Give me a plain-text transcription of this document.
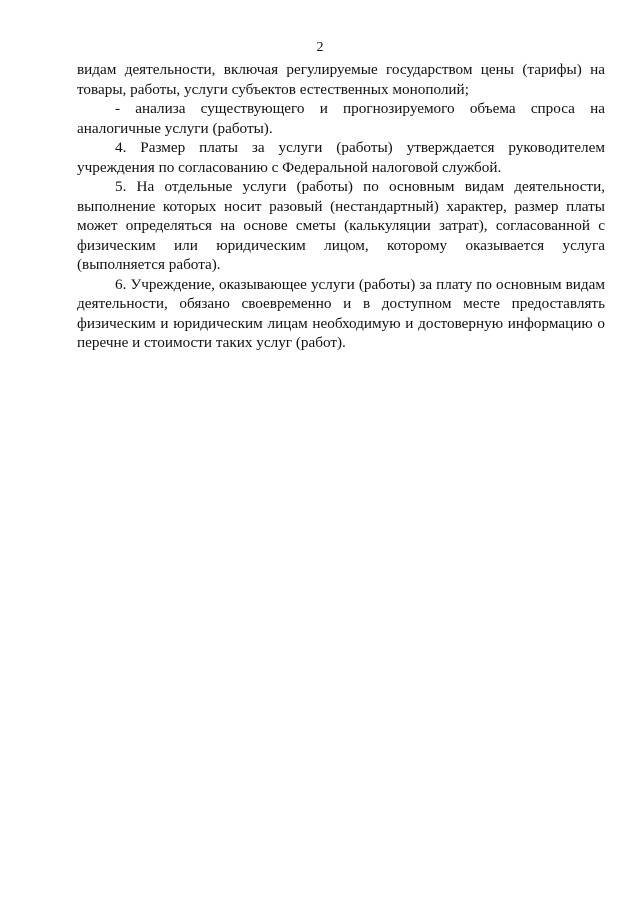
2

видам деятельности, включая регулируемые государством цены (тарифы) на товары, работы, услуги субъектов естественных монополий;

- анализа существующего и прогнозируемого объема спроса на аналогичные услуги (работы).

4. Размер платы за услуги (работы) утверждается руководителем учреждения по согласованию с Федеральной налоговой службой.

5. На отдельные услуги (работы) по основным видам деятельности, выполнение которых носит разовый (нестандартный) характер, размер платы может определяться на основе сметы (калькуляции затрат), согласованной с физическим или юридическим лицом, которому оказывается услуга (выполняется работа).

6. Учреждение, оказывающее услуги (работы) за плату по основным видам деятельности, обязано своевременно и в доступном месте предоставлять физическим и юридическим лицам необходимую и достоверную информацию о перечне и стоимости таких услуг (работ).
